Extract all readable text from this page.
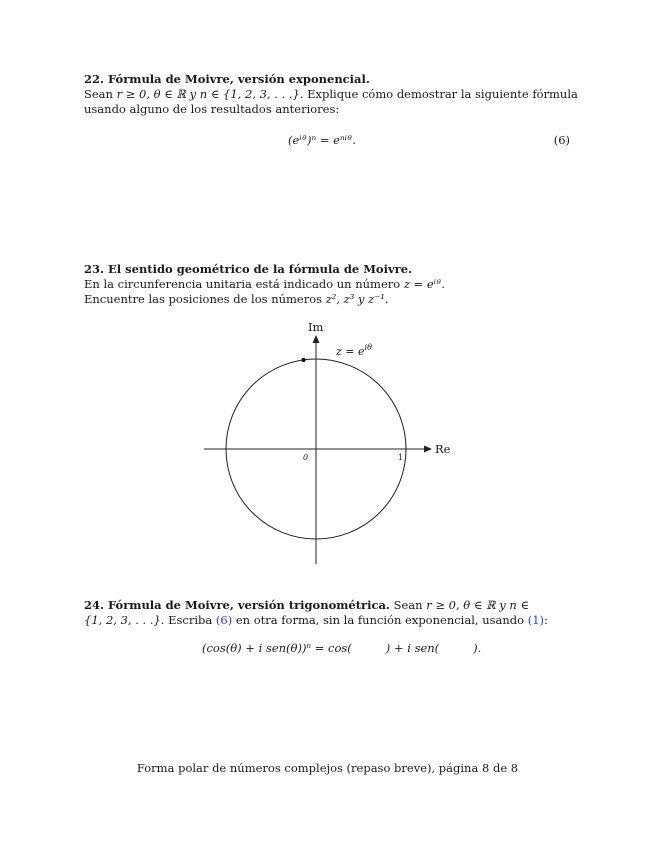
22. Fórmula de Moivre, versión exponencial.
Sean r ≥ 0, θ ∈ ℝ y n ∈ {1, 2, 3, . . .}. Explique cómo demostrar la siguiente fórmula
usando alguno de los resultados anteriores:
(eⁱᶿ)ⁿ = eⁿⁱᶿ.	(6)
23. El sentido geométrico de la fórmula de Moivre.
En la circunferencia unitaria está indicado un número z = eⁱᶿ.
Encuentre las posiciones de los números z², z³ y z⁻¹.
Im
Re
0	1
$z = e^{i\theta}$
24. Fórmula de Moivre, versión trigonométrica. Sean r ≥ 0, θ ∈ ℝ y n ∈
{1, 2, 3, . . .}. Escriba (6) en otra forma, sin la función exponencial, usando (1):
(cos(θ) + i sen(θ))ⁿ = cos(	) + i sen(	).
Forma polar de números complejos (repaso breve), página 8 de 8
